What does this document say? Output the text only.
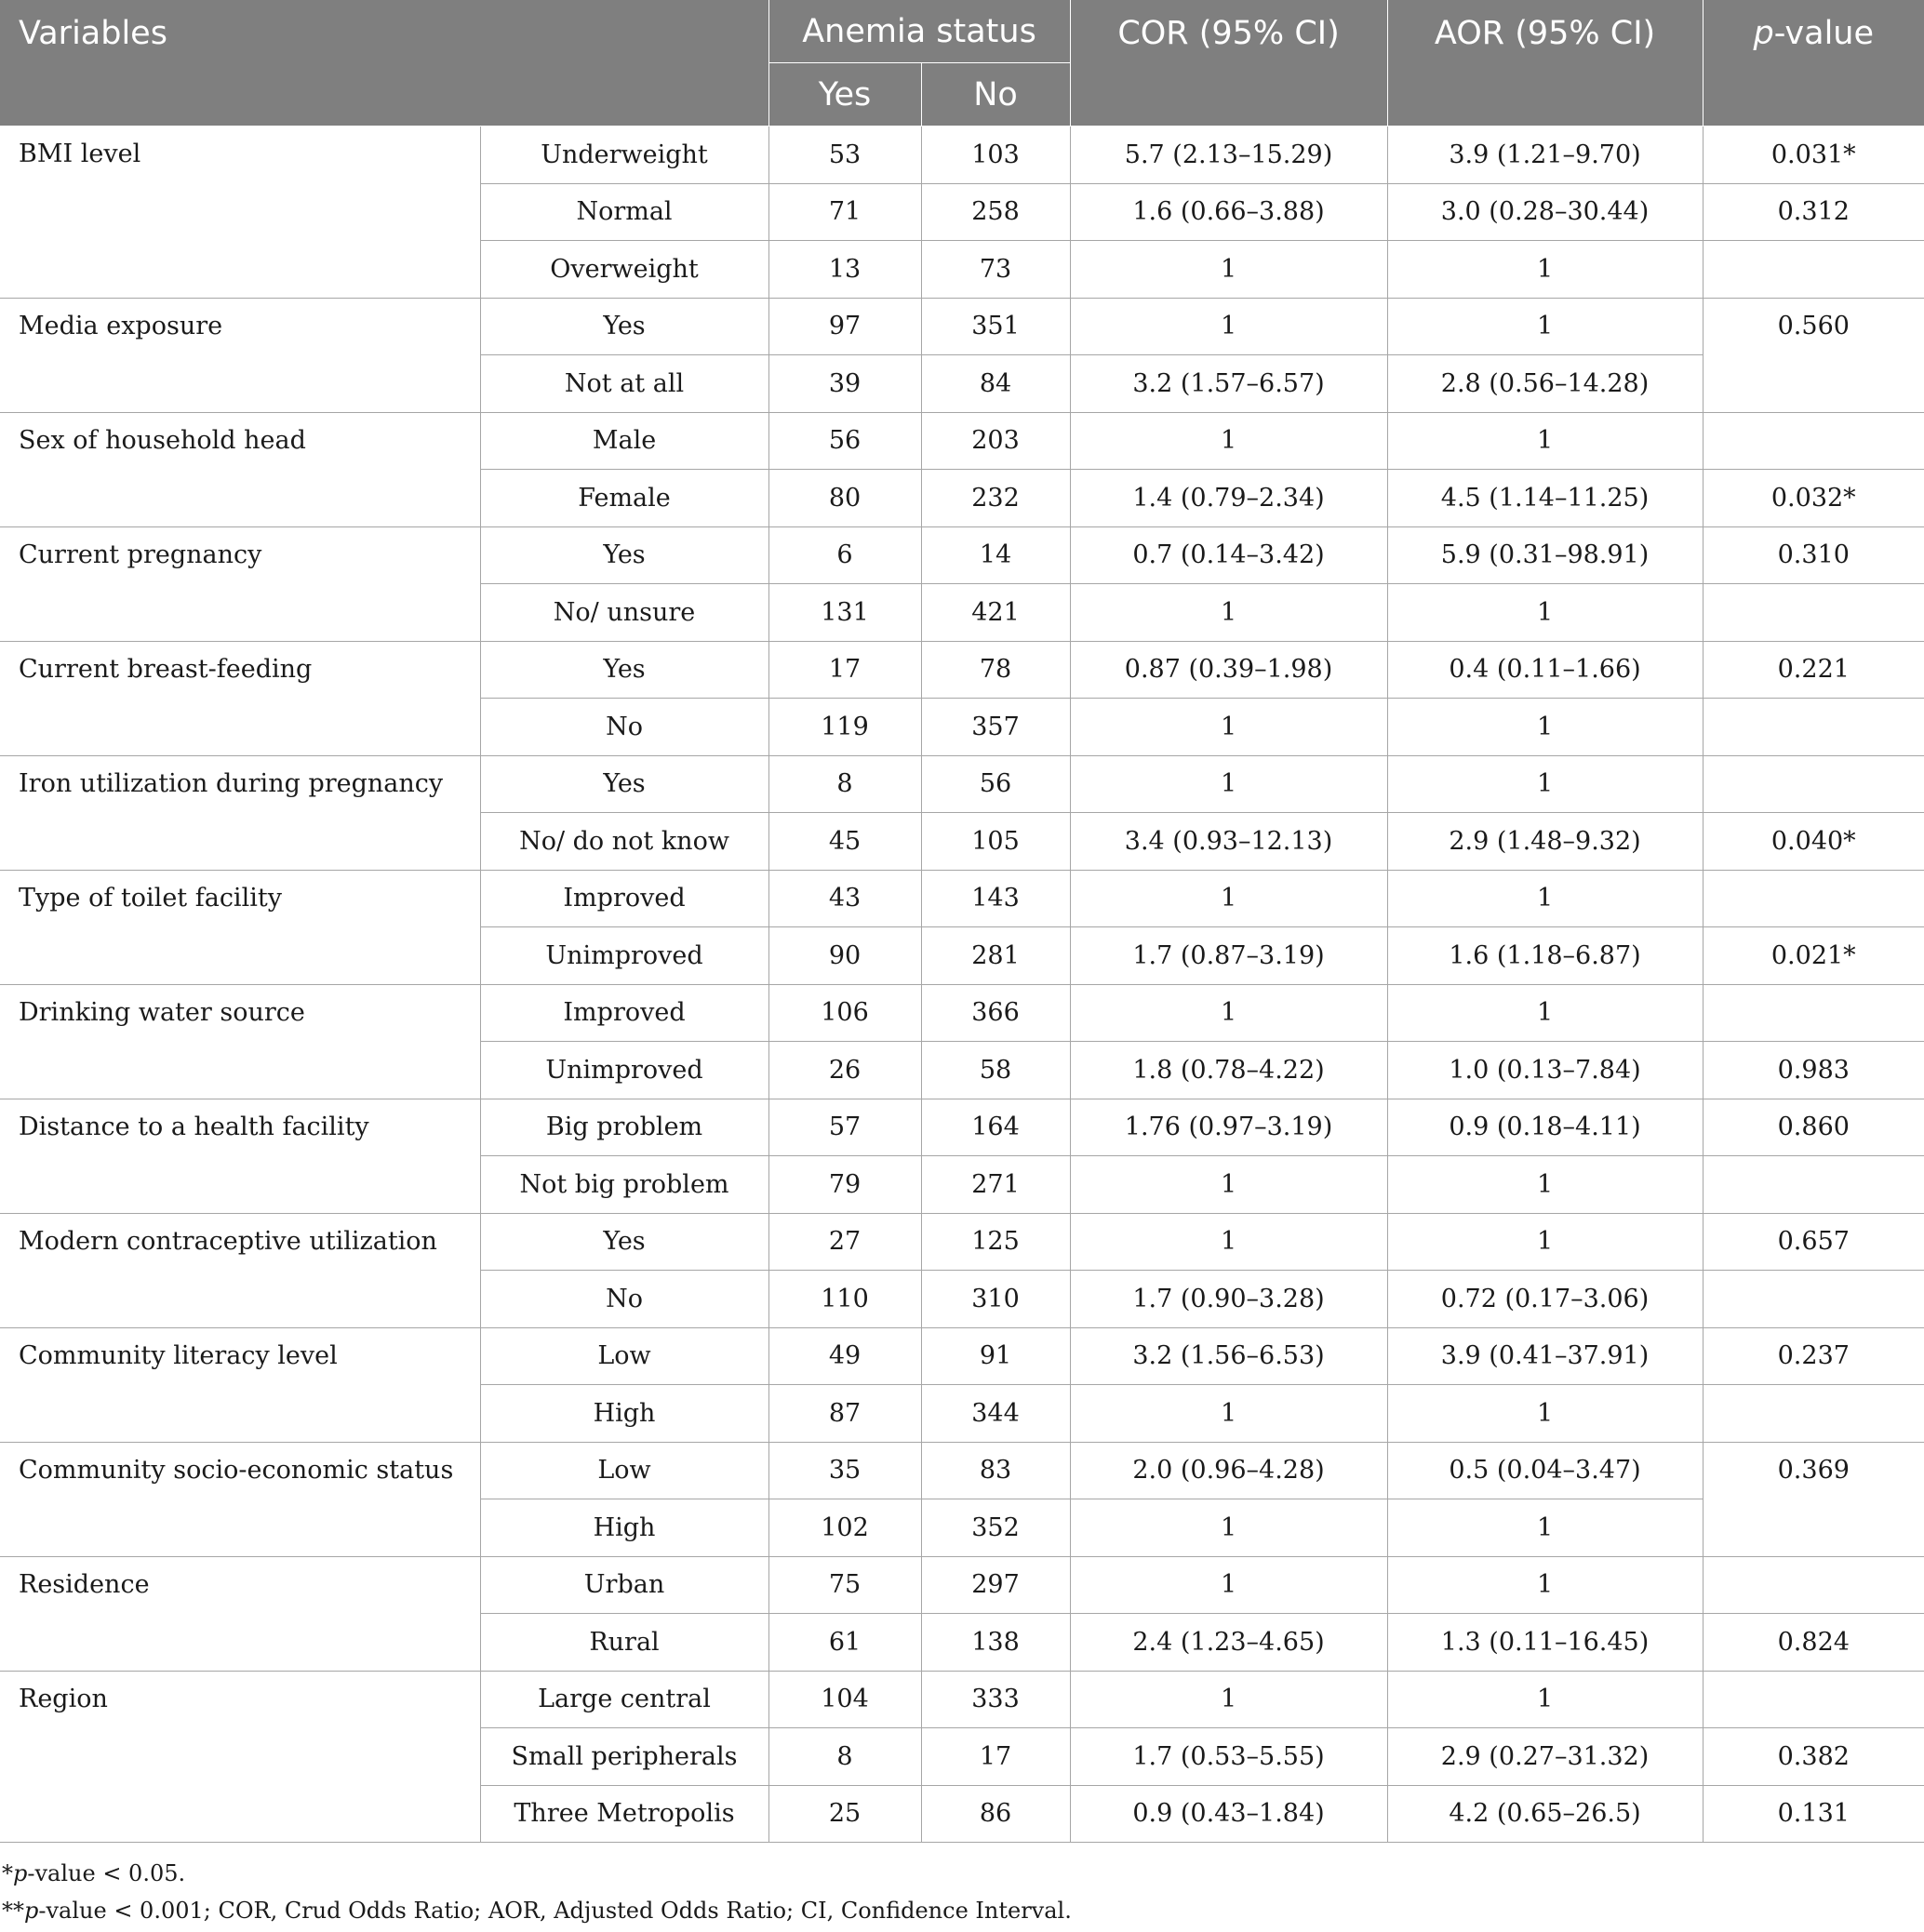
Variables		Anemia status		COR (95% CI)	AOR (95% CI)	p-value
		Yes	No			
BMI level	Underweight	53	103	5.7 (2.13–15.29)	3.9 (1.21–9.70)	0.031*
	Normal	71	258	1.6 (0.66–3.88)	3.0 (0.28–30.44)	0.312
	Overweight	13	73	1	1	
Media exposure	Yes	97	351	1	1	0.560
	Not at all	39	84	3.2 (1.57–6.57)	2.8 (0.56–14.28)	
Sex of household head	Male	56	203	1	1	
	Female	80	232	1.4 (0.79–2.34)	4.5 (1.14–11.25)	0.032*
Current pregnancy	Yes	6	14	0.7 (0.14–3.42)	5.9 (0.31–98.91)	0.310
	No/ unsure	131	421	1	1	
Current breast-feeding	Yes	17	78	0.87 (0.39–1.98)	0.4 (0.11–1.66)	0.221
	No	119	357	1	1	
Iron utilization during pregnancy	Yes	8	56	1	1	
	No/ do not know	45	105	3.4 (0.93–12.13)	2.9 (1.48–9.32)	0.040*
Type of toilet facility	Improved	43	143	1	1	
	Unimproved	90	281	1.7 (0.87–3.19)	1.6 (1.18–6.87)	0.021*
Drinking water source	Improved	106	366	1	1	
	Unimproved	26	58	1.8 (0.78–4.22)	1.0 (0.13–7.84)	0.983
Distance to a health facility	Big problem	57	164	1.76 (0.97–3.19)	0.9 (0.18–4.11)	0.860
	Not big problem	79	271	1	1	
Modern contraceptive utilization	Yes	27	125	1	1	0.657
	No	110	310	1.7 (0.90–3.28)	0.72 (0.17–3.06)	
Community literacy level	Low	49	91	3.2 (1.56–6.53)	3.9 (0.41–37.91)	0.237
	High	87	344	1	1	
Community socio-economic status	Low	35	83	2.0 (0.96–4.28)	0.5 (0.04–3.47)	0.369
	High	102	352	1	1	
Residence	Urban	75	297	1	1	
	Rural	61	138	2.4 (1.23–4.65)	1.3 (0.11–16.45)	0.824
Region	Large central	104	333	1	1	
	Small peripherals	8	17	1.7 (0.53–5.55)	2.9 (0.27–31.32)	0.382
	Three Metropolis	25	86	0.9 (0.43–1.84)	4.2 (0.65–26.5)	0.131
*p-value < 0.05.
**p-value < 0.001; COR, Crud Odds Ratio; AOR, Adjusted Odds Ratio; CI, Confidence Interval.
